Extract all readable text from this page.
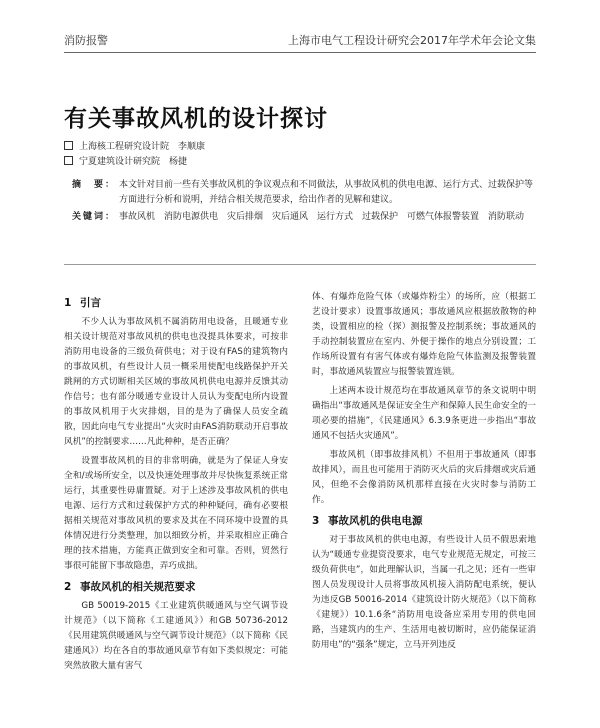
消防报警	上海市电气工程设计研究会2017年学术年会论文集
有关事故风机的设计探讨
上海核工程研究设计院　李顺康
宁夏建筑设计研究院　杨捷
摘　要： 本文针对目前一些有关事故风机的争议观点和不同做法，从事故风机的供电电源、运行方式、过载保护等方面进行分析和说明，并结合相关规范要求，给出作者的见解和建议。
关键词： 事故风机　消防电源供电　灾后排烟　灾后通风　运行方式　过载保护　可燃气体报警装置　消防联动
1 引言

不少人认为事故风机不属消防用电设备，且暖通专业相关设计规范对事故风机的供电也没提具体要求，可按非消防用电设备的三级负荷供电；对于设有FAS的建筑物内的事故风机，有些设计人员一概采用使配电线路保护开关跳闸的方式切断相关区域的事故风机供电电源并反馈其动作信号；也有部分暖通专业设计人员认为变配电所内设置的事故风机用于火灾排烟，目的是为了确保人员安全疏散，因此向电气专业提出“火灾时由FAS消防联动开启事故风机”的控制要求……凡此种种，是否正确？

设置事故风机的目的非常明确，就是为了保证人身安全和/或场所安全，以及快速处理事故并尽快恢复系统正常运行，其重要性毋庸置疑。对于上述涉及事故风机的供电电源、运行方式和过载保护方式的种种疑问，确有必要根据相关规范对事故风机的要求及其在不同环境中设置的具体情况进行分类整理，加以细致分析，并采取相应正确合理的技术措施，方能真正做到安全和可靠。否则，贸然行事很可能留下事故隐患，弄巧成拙。

2 事故风机的相关规范要求

GB 50019-2015《工业建筑供暖通风与空气调节设计规范》（以下简称《工建通风》）和GB 50736-2012《民用建筑供暖通风与空气调节设计规范》（以下简称《民建通风》）均在各自的事故通风章节有如下类似规定：可能突然放散大量有害气

体、有爆炸危险气体（或爆炸粉尘）的场所，应（根据工艺设计要求）设置事故通风；事故通风应根据放散物的种类，设置相应的检（探）测报警及控制系统；事故通风的手动控制装置应在室内、外便于操作的地点分别设置；工作场所设置有有害气体或有爆炸危险气体监测及报警装置时，事故通风装置应与报警装置连锁。

上述两本设计规范均在事故通风章节的条文说明中明确指出“事故通风是保证安全生产和保障人民生命安全的一项必要的措施”，《民建通风》6.3.9条更进一步指出“事故通风不包括火灾通风”。

事故风机（即事故排风机）不但用于事故通风（即事故排风），而且也可能用于消防灭火后的灾后排烟或灾后通风，但绝不会像消防风机那样直接在火灾时参与消防工作。

3 事故风机的供电电源

对于事故风机的供电电源，有些设计人员不假思索地认为“暖通专业提资没要求，电气专业规范无规定，可按三级负荷供电”，如此理解认识，当属一孔之见；还有一些审图人员发现设计人员将事故风机接入消防配电系统，便认为违反GB 50016-2014《建筑设计防火规范》（以下简称《建规》）10.1.6条“消防用电设备应采用专用的供电回路，当建筑内的生产、生活用电被切断时，应仍能保证消防用电”的“强条”规定，立马开列违反
